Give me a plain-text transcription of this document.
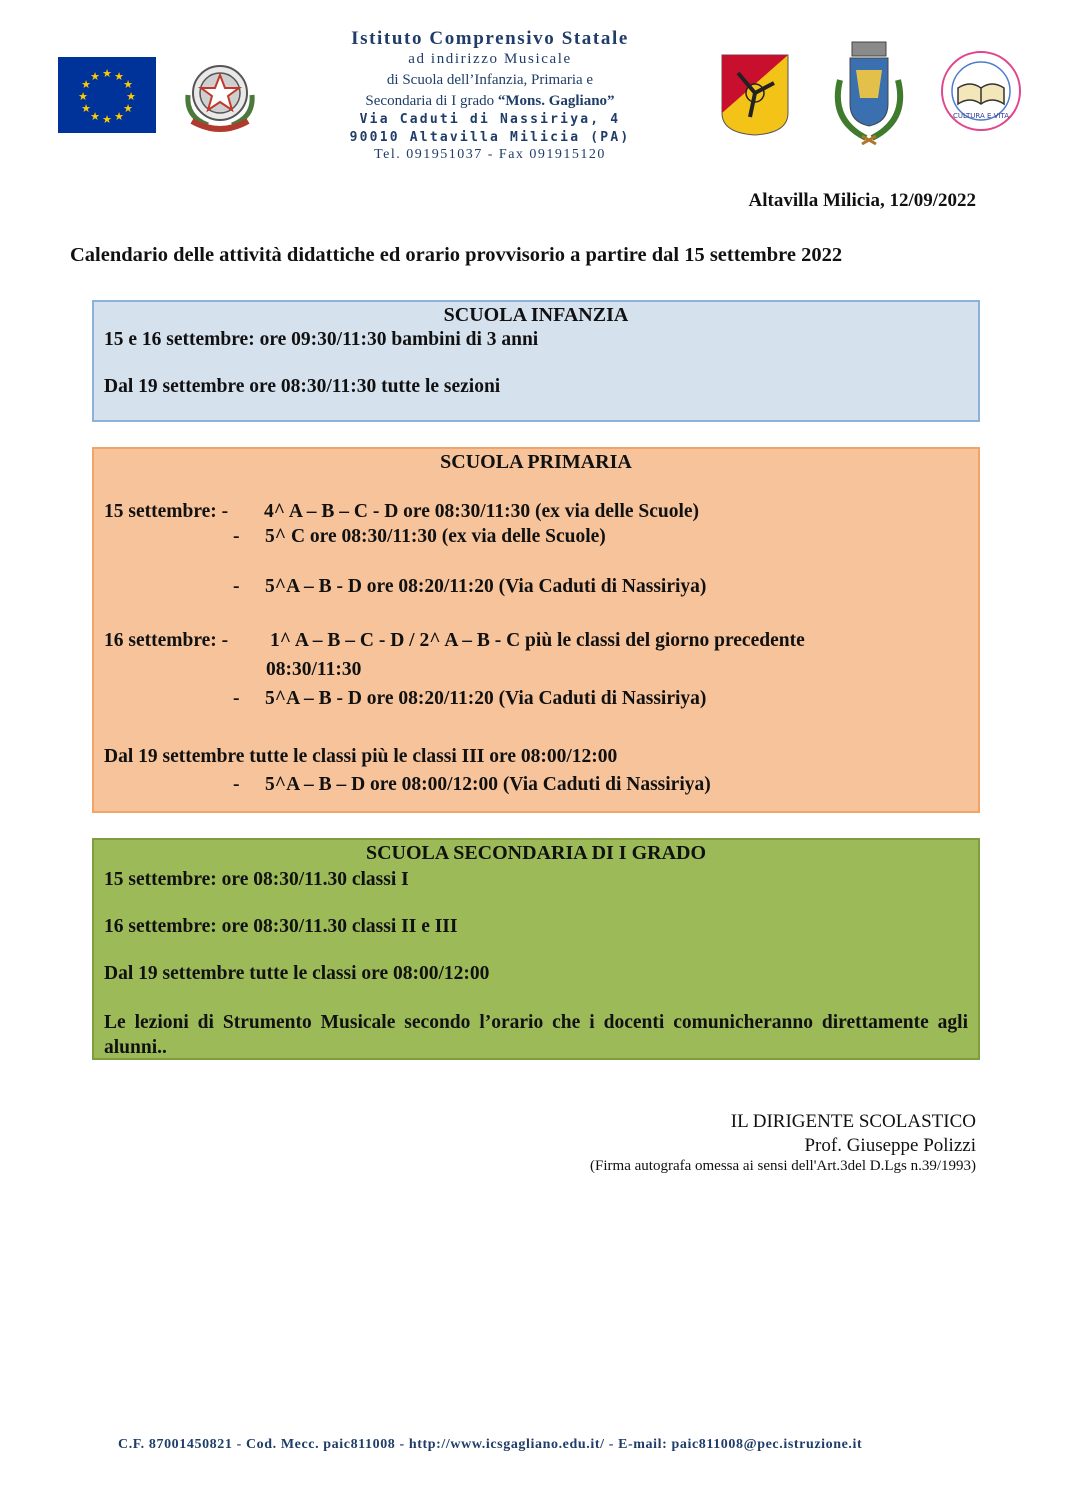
★ ★
★
★
★
★
★
★
★
★
★
★
Istituto Comprensivo Statale
ad indirizzo Musicale
di Scuola dell’Infanzia, Primaria e
Secondaria di I grado “Mons. Gagliano”
Via Caduti di Nassiriya, 4
90010 Altavilla Milicia (PA)
Tel. 091951037 - Fax 091915120
CULTURA E VITA
Altavilla Milicia, 12/09/2022
Calendario delle attività didattiche ed orario provvisorio a partire dal 15 settembre 2022
SCUOLA INFANZIA
15 e 16 settembre: ore 09:30/11:30 bambini di 3 anni
Dal 19 settembre ore 08:30/11:30 tutte le sezioni
SCUOLA PRIMARIA
15 settembre: - 4^ A – B – C - D ore 08:30/11:30 (ex via delle Scuole)
- 5^ C ore 08:30/11:30 (ex via delle Scuole)
- 5^A – B - D ore 08:20/11:20 (Via Caduti di Nassiriya)
16 settembre: - 1^ A – B – C - D / 2^ A – B - C più le classi del giorno precedente
08:30/11:30
- 5^A – B - D ore 08:20/11:20 (Via Caduti di Nassiriya)
Dal 19 settembre tutte le classi più le classi III ore 08:00/12:00
- 5^A – B – D ore 08:00/12:00 (Via Caduti di Nassiriya)
SCUOLA SECONDARIA DI I GRADO
15 settembre: ore 08:30/11.30 classi I
16 settembre: ore 08:30/11.30 classi II e III
Dal 19 settembre tutte le classi ore 08:00/12:00
Le lezioni di Strumento Musicale secondo l’orario che i docenti comunicheranno direttamente agli alunni..
IL DIRIGENTE SCOLASTICO
Prof. Giuseppe Polizzi
(Firma autografa omessa ai sensi dell'Art.3del D.Lgs n.39/1993)
C.F. 87001450821 - Cod. Mecc. paic811008 - http://www.icsgagliano.edu.it/ - E-mail: paic811008@pec.istruzione.it
